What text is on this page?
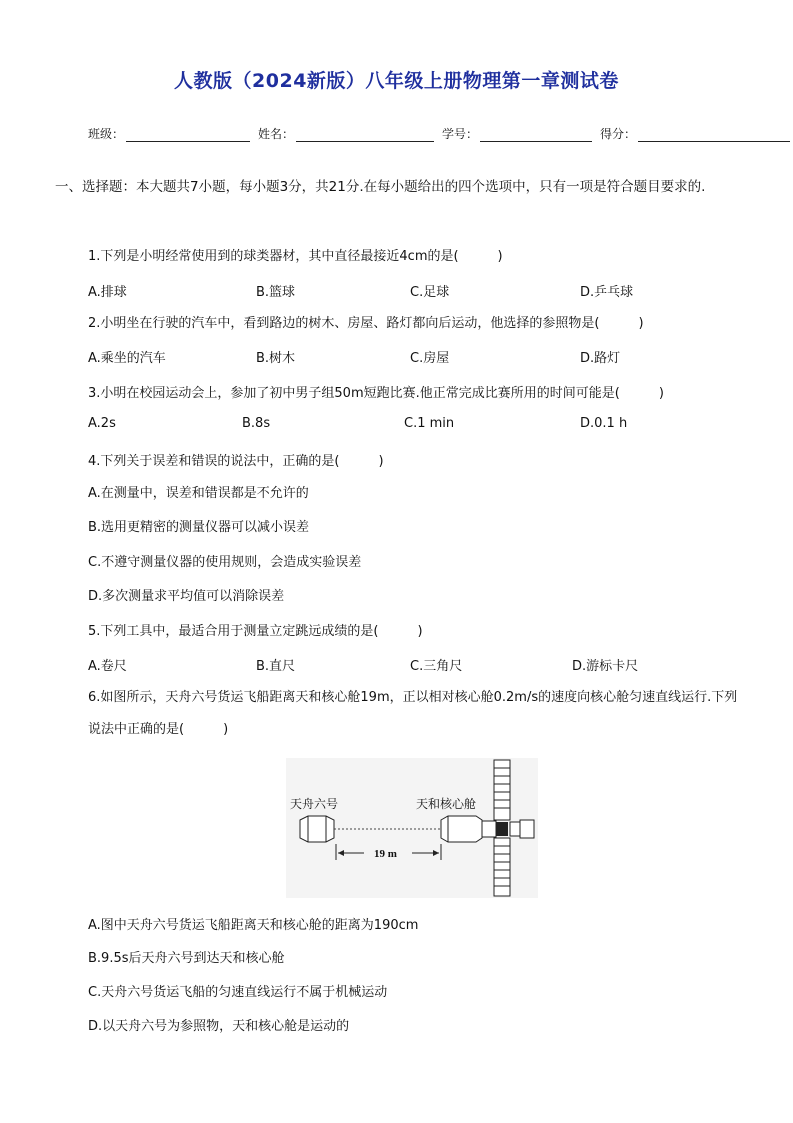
人教版（2024新版）八年级上册物理第一章测试卷
班级：	姓名：	学号：	得分：
一、选择题：本大题共7小题，每小题3分，共21分.在每小题给出的四个选项中，只有一项是符合题目要求的.
1.下列是小明经常使用到的球类器材，其中直径最接近4cm的是(　　　)
A.排球	B.篮球	C.足球	D.乒乓球
2.小明坐在行驶的汽车中，看到路边的树木、房屋、路灯都向后运动，他选择的参照物是(　　　)
A.乘坐的汽车	B.树木	C.房屋	D.路灯
3.小明在校园运动会上，参加了初中男子组50m短跑比赛.他正常完成比赛所用的时间可能是(　　　)
A.2s	B.8s	C.1 min	D.0.1 h
4.下列关于误差和错误的说法中，正确的是(　　　)
A.在测量中，误差和错误都是不允许的
B.选用更精密的测量仪器可以减小误差
C.不遵守测量仪器的使用规则，会造成实验误差
D.多次测量求平均值可以消除误差
5.下列工具中，最适合用于测量立定跳远成绩的是(　　　)
A.卷尺	B.直尺	C.三角尺	D.游标卡尺
6.如图所示，天舟六号货运飞船距离天和核心舱19m，正以相对核心舱0.2m/s的速度向核心舱匀速直线运行.下列说法中正确的是(　　　)
天舟六号	天和核心舱
19 m
A.图中天舟六号货运飞船距离天和核心舱的距离为190cm
B.9.5s后天舟六号到达天和核心舱
C.天舟六号货运飞船的匀速直线运行不属于机械运动
D.以天舟六号为参照物，天和核心舱是运动的
